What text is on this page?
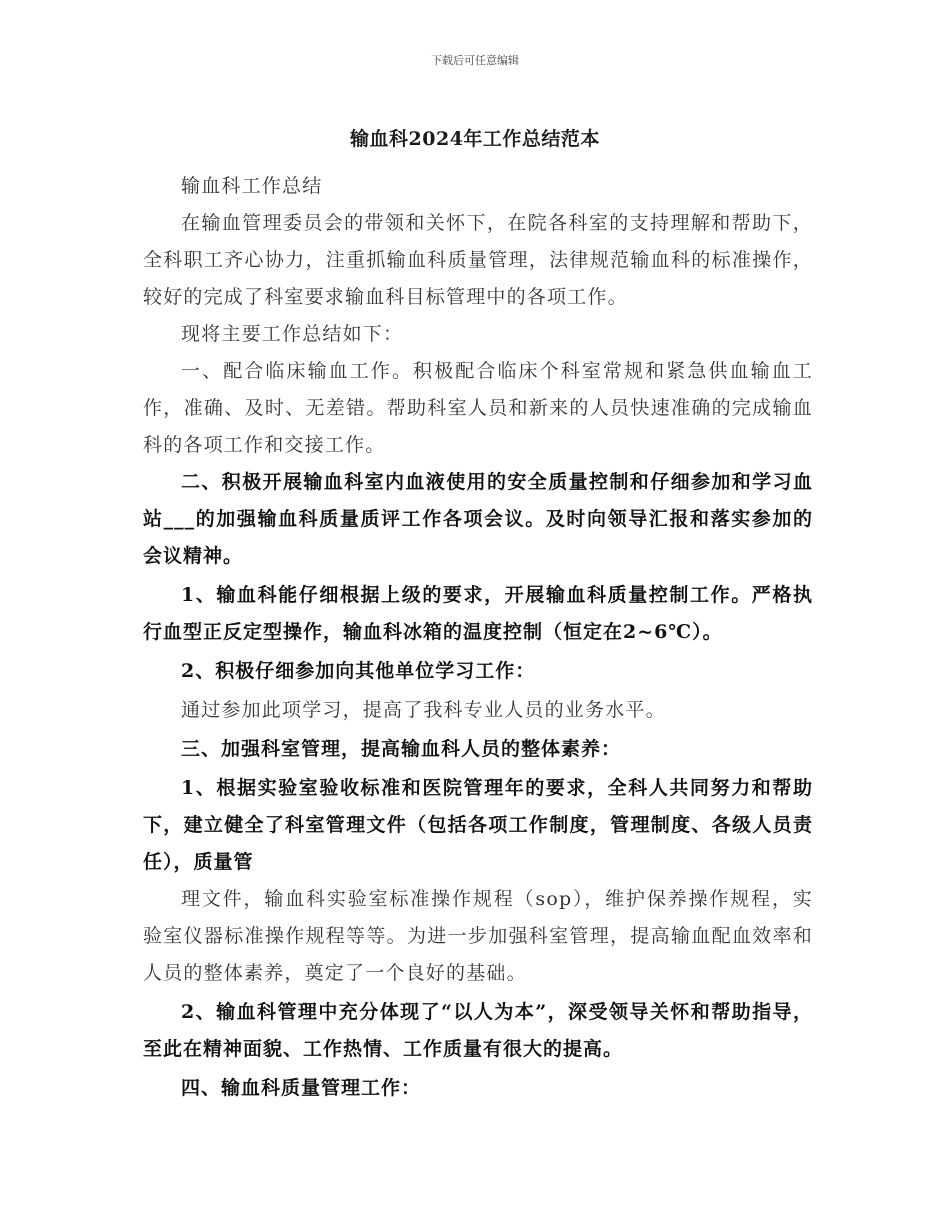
下载后可任意编辑
输血科2024年工作总结范本

输血科工作总结

在输血管理委员会的带领和关怀下，在院各科室的支持理解和帮助下，全科职工齐心协力，注重抓输血科质量管理，法律规范输血科的标准操作，较好的完成了科室要求输血科目标管理中的各项工作。

现将主要工作总结如下：

一、配合临床输血工作。积极配合临床个科室常规和紧急供血输血工作，准确、及时、无差错。帮助科室人员和新来的人员快速准确的完成输血科的各项工作和交接工作。

二、积极开展输血科室内血液使用的安全质量控制和仔细参加和学习血站___的加强输血科质量质评工作各项会议。及时向领导汇报和落实参加的会议精神。

1、输血科能仔细根据上级的要求，开展输血科质量控制工作。严格执行血型正反定型操作，输血科冰箱的温度控制（恒定在2~6℃）。

2、积极仔细参加向其他单位学习工作：

通过参加此项学习，提高了我科专业人员的业务水平。

三、加强科室管理，提高输血科人员的整体素养：

1、根据实验室验收标准和医院管理年的要求，全科人共同努力和帮助下，建立健全了科室管理文件（包括各项工作制度，管理制度、各级人员责任），质量管

理文件，输血科实验室标准操作规程（sop），维护保养操作规程，实验室仪器标准操作规程等等。为进一步加强科室管理，提高输血配血效率和人员的整体素养，奠定了一个良好的基础。

2、输血科管理中充分体现了“以人为本”，深受领导关怀和帮助指导，至此在精神面貌、工作热情、工作质量有很大的提高。

四、输血科质量管理工作：
